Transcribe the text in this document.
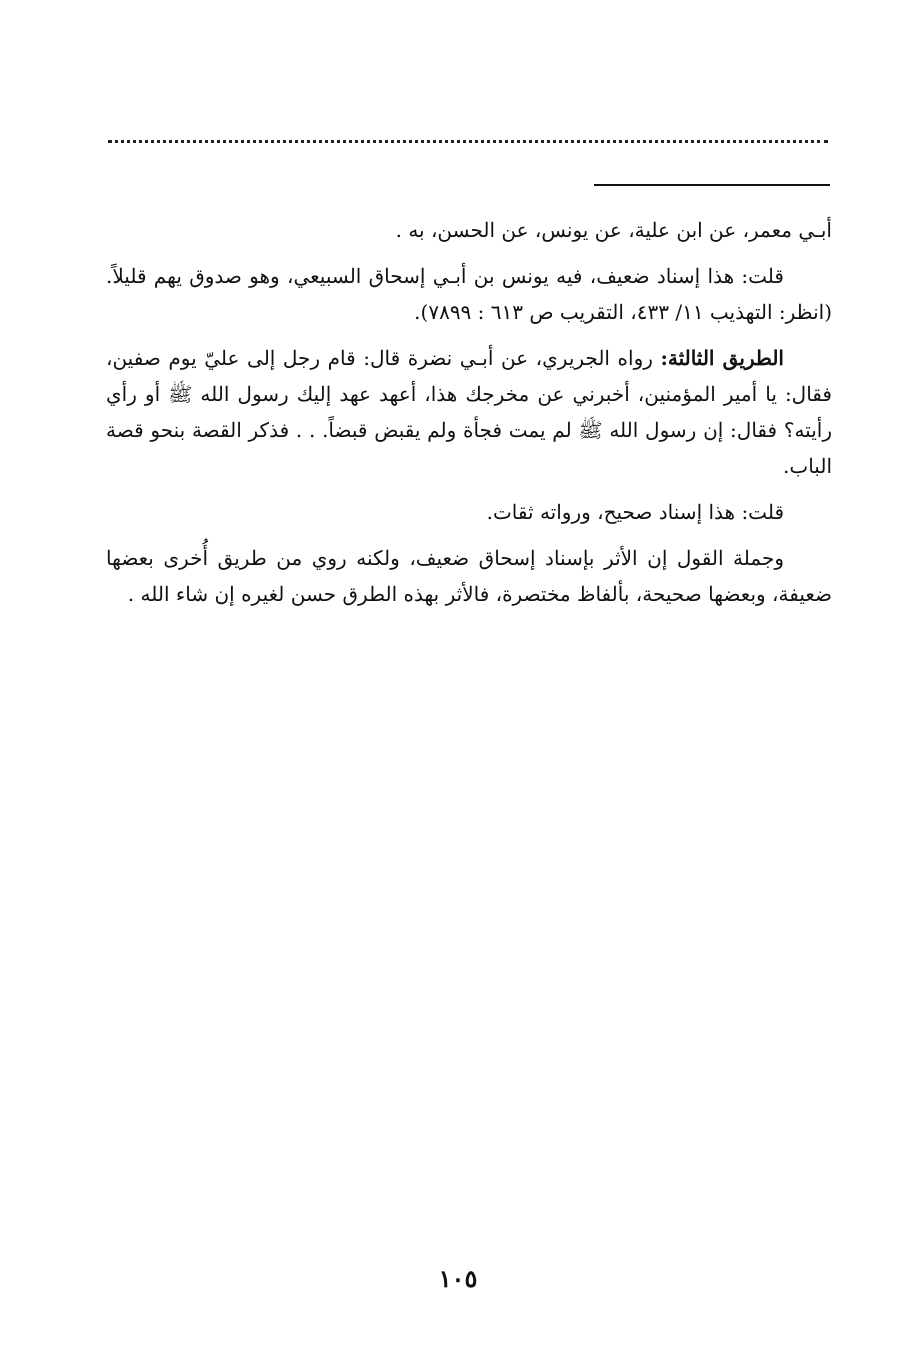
أبـي معمر، عن ابن علية، عن يونس، عن الحسن، به .

قلت: هذا إسناد ضعيف، فيه يونس بن أبـي إسحاق السبيعي، وهو صدوق يهم قليلاً. (انظر: التهذيب ١١/ ٤٣٣، التقريب ص ٦١٣ : ٧٨٩٩).

الطريق الثالثة: رواه الجريري، عن أبـي نضرة قال: قام رجل إلى عليّ يوم صفين، فقال: يا أمير المؤمنين، أخبرني عن مخرجك هذا، أعهد عهد إليك رسول الله ﷺ أو رأي رأيته؟ فقال: إن رسول الله ﷺ لم يمت فجأة ولم يقبض قبضاً. . . فذكر القصة بنحو قصة الباب.

قلت: هذا إسناد صحيح، ورواته ثقات.

وجملة القول إن الأثر بإسناد إسحاق ضعيف، ولكنه روي من طريق أُخرى بعضها ضعيفة، وبعضها صحيحة، بألفاظ مختصرة، فالأثر بهذه الطرق حسن لغيره إن شاء الله .

١٠٥
